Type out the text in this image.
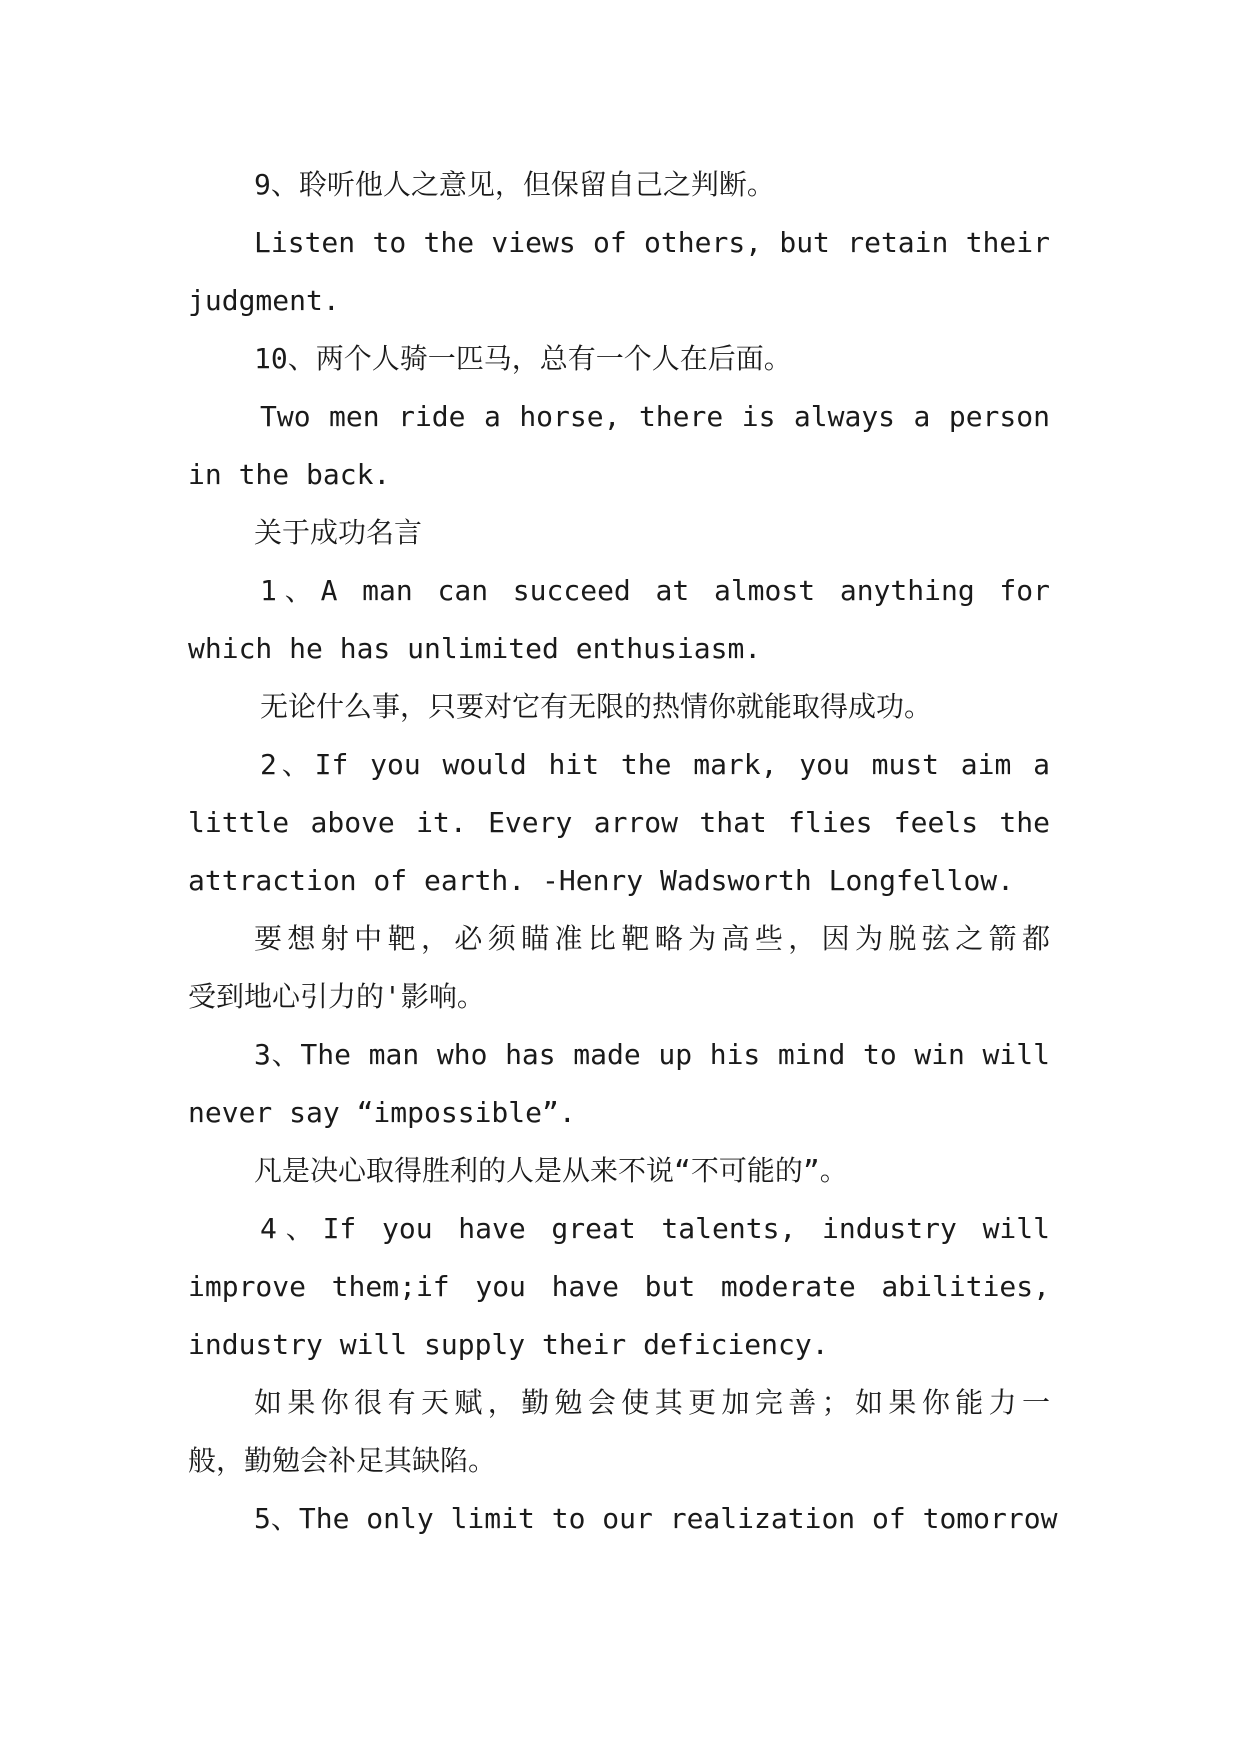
9、聆听他人之意见，但保留自己之判断。
Listen to the views of others, but retain their
judgment.
10、两个人骑一匹马，总有一个人在后面。
Two men ride a horse, there is always a person
in the back.
关于成功名言
1、A man can succeed at almost anything for
which he has unlimited enthusiasm.
无论什么事，只要对它有无限的热情你就能取得成功。
2、If you would hit the mark, you must aim a
little above it. Every arrow that flies feels the
attraction of earth. -Henry Wadsworth Longfellow.
要想射中靶，必须瞄准比靶略为高些，因为脱弦之箭都
受到地心引力的'影响。
3、The man who has made up his mind to win will
never say “impossible”.
凡是决心取得胜利的人是从来不说“不可能的”。
4、If you have great talents, industry will
improve them;if you have but moderate abilities,
industry will supply their deficiency.
如果你很有天赋，勤勉会使其更加完善；如果你能力一
般，勤勉会补足其缺陷。
5、The only limit to our realization of tomorrow
